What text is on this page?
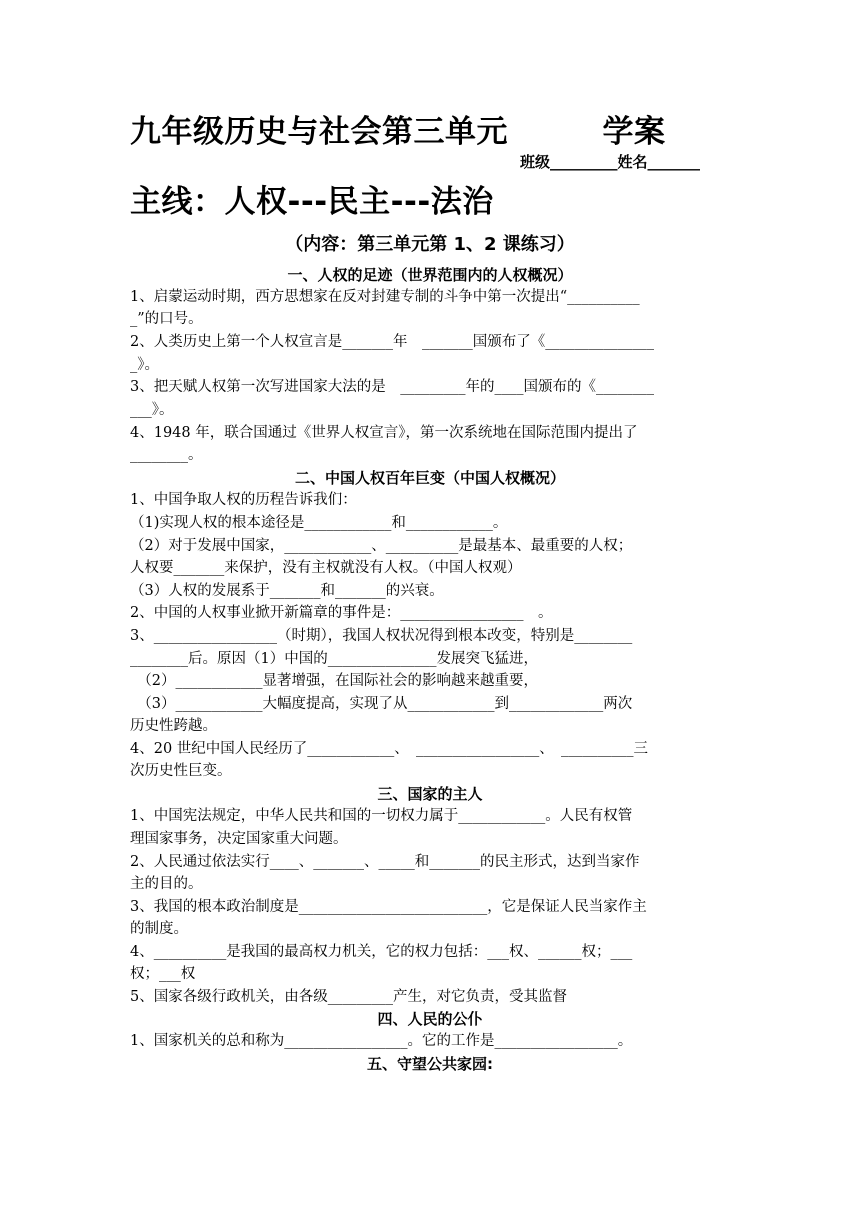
九年级历史与社会第三单元　　　学案
班级_________姓名_______
主线：人权---民主---法治
（内容：第三单元第 1、2 课练习）
一、人权的足迹（世界范围内的人权概况）
1、启蒙运动时期，西方思想家在反对封建专制的斗争中第一次提出“__________
_”的口号。
2、人类历史上第一个人权宣言是_______年　_______国颁布了《_______________
_》。
3、把天赋人权第一次写进国家大法的是　_________年的____国颁布的《________
___》。
4、1948 年，联合国通过《世界人权宣言》，第一次系统地在国际范围内提出了
________。
二、中国人权百年巨变（中国人权概况）
1、中国争取人权的历程告诉我们：
（1)实现人权的根本途径是____________和____________。
（2）对于发展中国家，____________、__________是最基本、最重要的人权；
人权要_______来保护，没有主权就没有人权。（中国人权观）
（3）人权的发展系于_______和_______的兴衰。
2、中国的人权事业掀开新篇章的事件是：_________________　。
3、_________________（时期），我国人权状况得到根本改变，特别是________
________后。原因（1）中国的_______________发展突飞猛进，
　（2）____________显著增强，在国际社会的影响越来越重要，
　（3）____________大幅度提高，实现了从____________到_____________两次
历史性跨越。
4、20 世纪中国人民经历了____________、　_________________、　__________三
次历史性巨变。
三、国家的主人
1、中国宪法规定，中华人民共和国的一切权力属于____________。人民有权管
理国家事务，决定国家重大问题。
2、人民通过依法实行____、_______、_____和_______的民主形式，达到当家作
主的目的。
3、我国的根本政治制度是__________________________，它是保证人民当家作主
的制度。
4、__________是我国的最高权力机关，它的权力包括：___权、______权；___
权；___权
5、国家各级行政机关，由各级_________产生，对它负责，受其监督
四、人民的公仆
1、国家机关的总和称为_________________。它的工作是_________________。
五、守望公共家园:
